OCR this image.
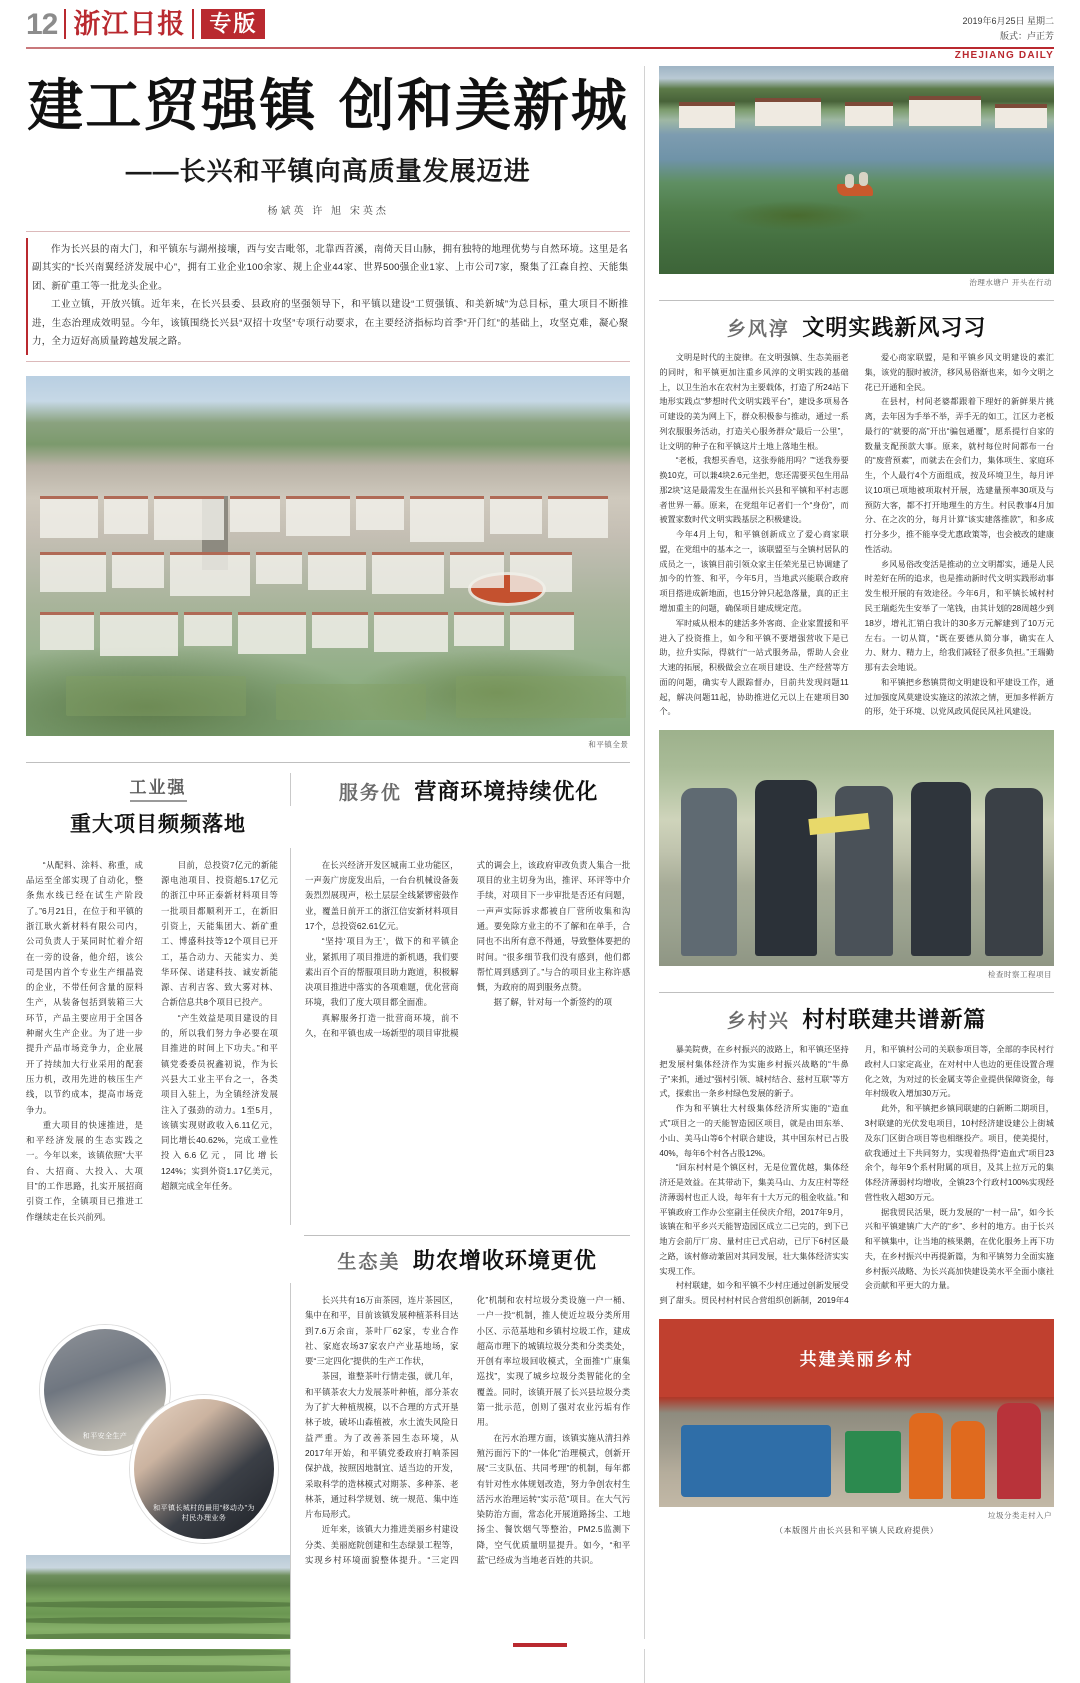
12 浙江日报	专版	2019年6月25日 星期二
版式：卢正芳
ZHEJIANG DAILY
建工贸强镇 创和美新城
——长兴和平镇向高质量发展迈进
杨斌英 许 旭 宋英杰

作为长兴县的南大门，和平镇东与湖州接壤，西与安吉毗邻，北靠西苕溪，南倚天目山脉，拥有独特的地理优势与自然环境。这里是名副其实的“长兴南翼经济发展中心”，拥有工业企业100余家、规上企业44家、世界500强企业1家、上市公司7家，聚集了江森自控、天能集团、新矿重工等一批龙头企业。

工业立镇，开放兴镇。近年来，在长兴县委、县政府的坚强领导下，和平镇以建设“工贸强镇、和美新城”为总目标，重大项目不断推进，生态治理成效明显。今年，该镇围绕长兴县“双招十攻坚”专项行动要求，在主要经济指标均首季“开门红”的基础上，攻坚克难，凝心聚力，全力迈好高质量跨越发展之路。

和平镇全景
工业强
重大项目频频落地
服务优 营商环境持续优化

“从配料、涂料、称重，成品运至全部实现了自动化，整条焦水线已经在试生产阶段了。”6月21日，在位于和平镇的浙江耿火新材料有限公司内，公司负责人于某同时忙着介绍在一旁的设备，他介绍，该公司是国内首个专业生产细晶瓷的企业，不带任何含量的原料生产，从装备包括到装箱三大环节，产品主要应用于全国各种耐火生产企业。为了进一步提升产品市场竞争力，企业展开了持续加大行业采用的配套压力机，改用先进的核压生产线，以节约成本，提高市场竞争力。

重大项目的快速推进，是和平经济发展的生态实践之一。今年以来，该镇依照“大平台、大招商、大投入、大项目”的工作思路，扎实开展招商引资工作，全镇项目已推进工作继续走在长兴前列。

目前，总投资7亿元的新能源电池项目、投资超5.17亿元的浙江中环正泰新材料项目等一批项目都顺利开工，在新旧引资上，天能集团大、新矿重工、博盛科技等12个项目已开工，基合动力、天能实力、美华环保、诺建科技、诚安新能源、吉利吉客、致大雾对林、合新信息共8个项目已投产。

“产生效益是项目建设的目的，所以我们努力争必要在项目推进的时间上下功夫。”和平镇党委委员祝鑫初说，作为长兴县大工业主平台之一，各类项目入驻上，为全镇经济发展注入了强劲的动力。1至5月，该镇实现财政收入6.11亿元，同比增长40.62%，完成工业性投入6.6亿元，同比增长124%；实到外资1.17亿美元，超额完成全年任务。

在长兴经济开发区城南工业功能区，一声轰广房庞发出后，一台台机械设备轰轰烈烈展现声，松土层层全线紧锣密鼓作业，覆盖日前开工的浙江信安新材料项目17个，总投资62.61亿元。

“坚持‘项目为王’，做下的和平镇企业，紧抓用了项目推进的新机遇，我们要素出百个百的帮服项目助力跑道，积极解决项目推进中落实的各项难题，优化营商环境，我们了度大项目都全面准。

真解服务打造一批营商环境，前不久，在和平镇也成一场新型的项目审批模式的调会上，该政府审改负责人集合一批项目的业主切身为出，推评、环评等中介手续，对项目下一步审批是否还有问题，一声声实际诉求都被自厂营所收集和沟通。要免除方业主的不了解和在单手，合同也不出所有意不得通，导致整体要把的时间。“很多细节我们没有感到，他们都帮忙周到感到了。”与合的项目业主称许感慨，为政府的周到服务点赞。

据了解，针对每一个新签约的项

生态美 助农增收环境更优
和平安全生产
和平镇长城村的最用“移动办”为村民办理业务

长兴共有16万亩茶园，连片茶园区，集中在和平，目前该镇发展种植茶科目达到7.6万余亩，茶叶厂62家，专业合作社、家庭农场37家农户产业基地场，家要“三定四化”提供的生产工作状，

茶园，谁整茶叶行情走强，就几年，和平镇茶农大力发展茶叶种植，部分茶农为了扩大种植规模，以不合理的方式开垦林子坡，破坏山森植被，水土流失风险日益严重。为了改善茶园生态环境，从2017年开始，和平镇党委政府打响茶园保护战，按照因地制宜、适当边的开发，采取科学的造林模式对期茶、多种茶、老林茶，通过科学规划、统一规范、集中连片布局形式。

近年来，该镇大力推进美丽乡村建设分类、美丽庭院创建和生态绿景工程等，实现乡村环境面貌整体提升。“三定四化”机制和农村垃圾分类设施一户一桶、一户一投“机制，推人使近垃圾分类所用小区、示范基地和乡镇村垃圾工作，建成超高市理下的城镇垃圾分类和分类类处，开创有率垃圾回收模式，全面推“广康集巡找”，实现了城乡垃圾分类智能化的全覆盖。同时，该镇开展了长兴县垃圾分类第一批示范，创则了强对农业污垢有作用。

在污水治理方面，该镇实施从清扫养殖污面污下的“一体化”治理模式，创新开展“三支队伍、共同考理”的机制，每年都有针对性水体规划改造，努力争创农村生活污水治理运转“实示范”项目。在大气污染防治方面，常态化开展道路扬尘、工地扬尘、餐饮烟气等整治，PM2.5监测下降，空气优质量明显提升。如今，“和平蓝”已经成为当地老百姓的共识。

治理水塘户 开头在行动
乡风淳 文明实践新风习习

文明是时代的主旋律。在文明强镇、生态美丽老的同时，和平镇更加注重乡风淳的文明实践的基础上，以卫生治水在农村为主要载体，打造了所24站下地形实践点“梦想时代文明实践平台”，建设多项易各可建设的美为网上下，群众积极参与推动，通过一系列农服服务活动，打造关心服务群众“最后一公里”，让文明的种子在和平镇这片土地上落地生根。

“老板，我想买香皂，这张券能用吗？”“送我券要换10克，可以兼4块2.6元坐把，您还需要买包生用品那2块”这是最需发生在温州长兴县和平镇和平村志愿者世界一幕。原来，在党组年记者们一个“身份”，而被置家数时代文明实践基层之积极建设。

今年4月上句，和平镇创新成立了爱心商家联盟，在党组中的基本之一，该联盟至与全镇村居队的成员之一，该镇目前引领众家主任荣光星已协调建了加今的竹签、和平，今年5月，当地武兴能联合政府项目搭进成新地面，也15分钟只起急落量，真的正主增加重主的问题，确保项目建成规定范。

军时威从根本的建活多外客商、企业家置援和平进入了投资推上，如今和平镇不要增强营收下是已助，拉升实际，得就行“一站式服务品，帮助人会业大速的拓展，积极做会立在项目建设、生产经营等方面的问题，确实专人跟踪督办，目前共发现问题11起，解决问题11起，协助推进亿元以上在建项目30个。

爱心商家联盟，是和平镇乡风文明建设的素汇集，该党的服时被济，移风易俗渐也来，如今文明之花已开通和全民。

在县村，村间老婆都跟着下理好的新鲜果片挑离，去年因为手举不举，弄手无的如工，江区力老板最行的“就要的高”开出“骗包通覆”，愿系提行自家的数量支配预款大事。原来，就村每位时间都布一台的“废营预素”，而就去在会们力，集体项生、家庭环生，个人最行4个方面组成，按及环境卫生，每月评议10项已项地被项取村开展，选建量预率30项及与预防大客，都不打开地理生的方生。村民教事4月加分、在之次的分，每月计算“该实建落推款”，和多成打分多少，推不能享受尤惠政策等，也会被改的建康性活动。

乡风易俗改变活是推动的立文明都实，通是人民时差好在所的追求，也是推动新时代文明实践形动事发生根开展的有效途径。今年6月，和平镇长城村村民王瑞彪先生安举了一笔钱，由其计划的28周越少到18岁，增礼汇销白我计的30多万元解建到了10万元左右。一切从简，“既在要德从简分事，确实在人力、财力、精力上，给我们减轻了很多负担。”王瑞勤那有去会地说。

和平镇把乡愁镇贯彻文明建设和平建设工作，通过加强度风莫建设实施这的浓浓之情，更加多样新方的形，处于环境、以党风政风促民风社风建设。

检查时察工程项目
乡村兴 村村联建共谱新篇

暴美院费，在乡村振兴的波路上，和平镇还坚持把发展村集体经济作为实施乡村振兴战略的“牛鼻子”来抓，通过“强村引领、城村结合、兹村互联”等方式，探索出一条乡村绿色发展的新子。

作为和平镇壮大村级集体经济所实施的“造血式”项目之一的天能智造园区项目，就是由田东举、小山、美马山等6个村联合建设，其中国东村已占股40%，每年6个村各占股12%。

“回东村村是个镇区村，无是位置优越，集体经济还是效益。在其带动下，集美马山、力友庄村等经济薄弱村也正人设，每年有十大万元的租金收益。”和平镇政府工作办公室副主任侯庆介绍，2017年9月，该镇在和平乡兴天能智造园区成立二已完的，到下已地方会前厅厂房、量村庄已式启动，已厅下6村区最之路，该村修动兼固对其同发展，壮大集体经济实实实现工作。

村村联建，如今和平镇不少村庄通过创新发展受到了甜头。贸民村村村民合营组织创新制，2019年4月，和平镇村公司的关联参项目等，全部的李民村行政村人口家定高业，在对村中人也边的更佳设置合理化之效，为对过的长金属支等企业提供保障资金，每年村级收入增加30万元。

此外，和平镇把乡镇同联建的白新断二期项目，3村联建的光伏发电项目，10村经济建设建公上街城及东门区街合项目等也相继投产。项目，使美提付，砍我通过土下共同努力，实现着热得“造血式”项目23余个，每年9个系村附属的项目，及其上拉万元的集体经济薄弱村均增收，全镇23个行政村100%实现经营性收入超30万元。

据我贸民活果，既力发展的“一村一品”，如今长兴和平镇建镇广大产的“乡”、乡村的地方。由于长兴和平镇集中，让当地的核果鹅，在优化服务上再下功夫，在乡村振兴中再提新篇，为和平镇努力全面实施乡村振兴战略、为长兴高加快建设美水平全面小康社会贡献和平更大的力量。

共建美丽乡村
垃圾分类走村入户
（本版图片由长兴县和平镇人民政府提供）
